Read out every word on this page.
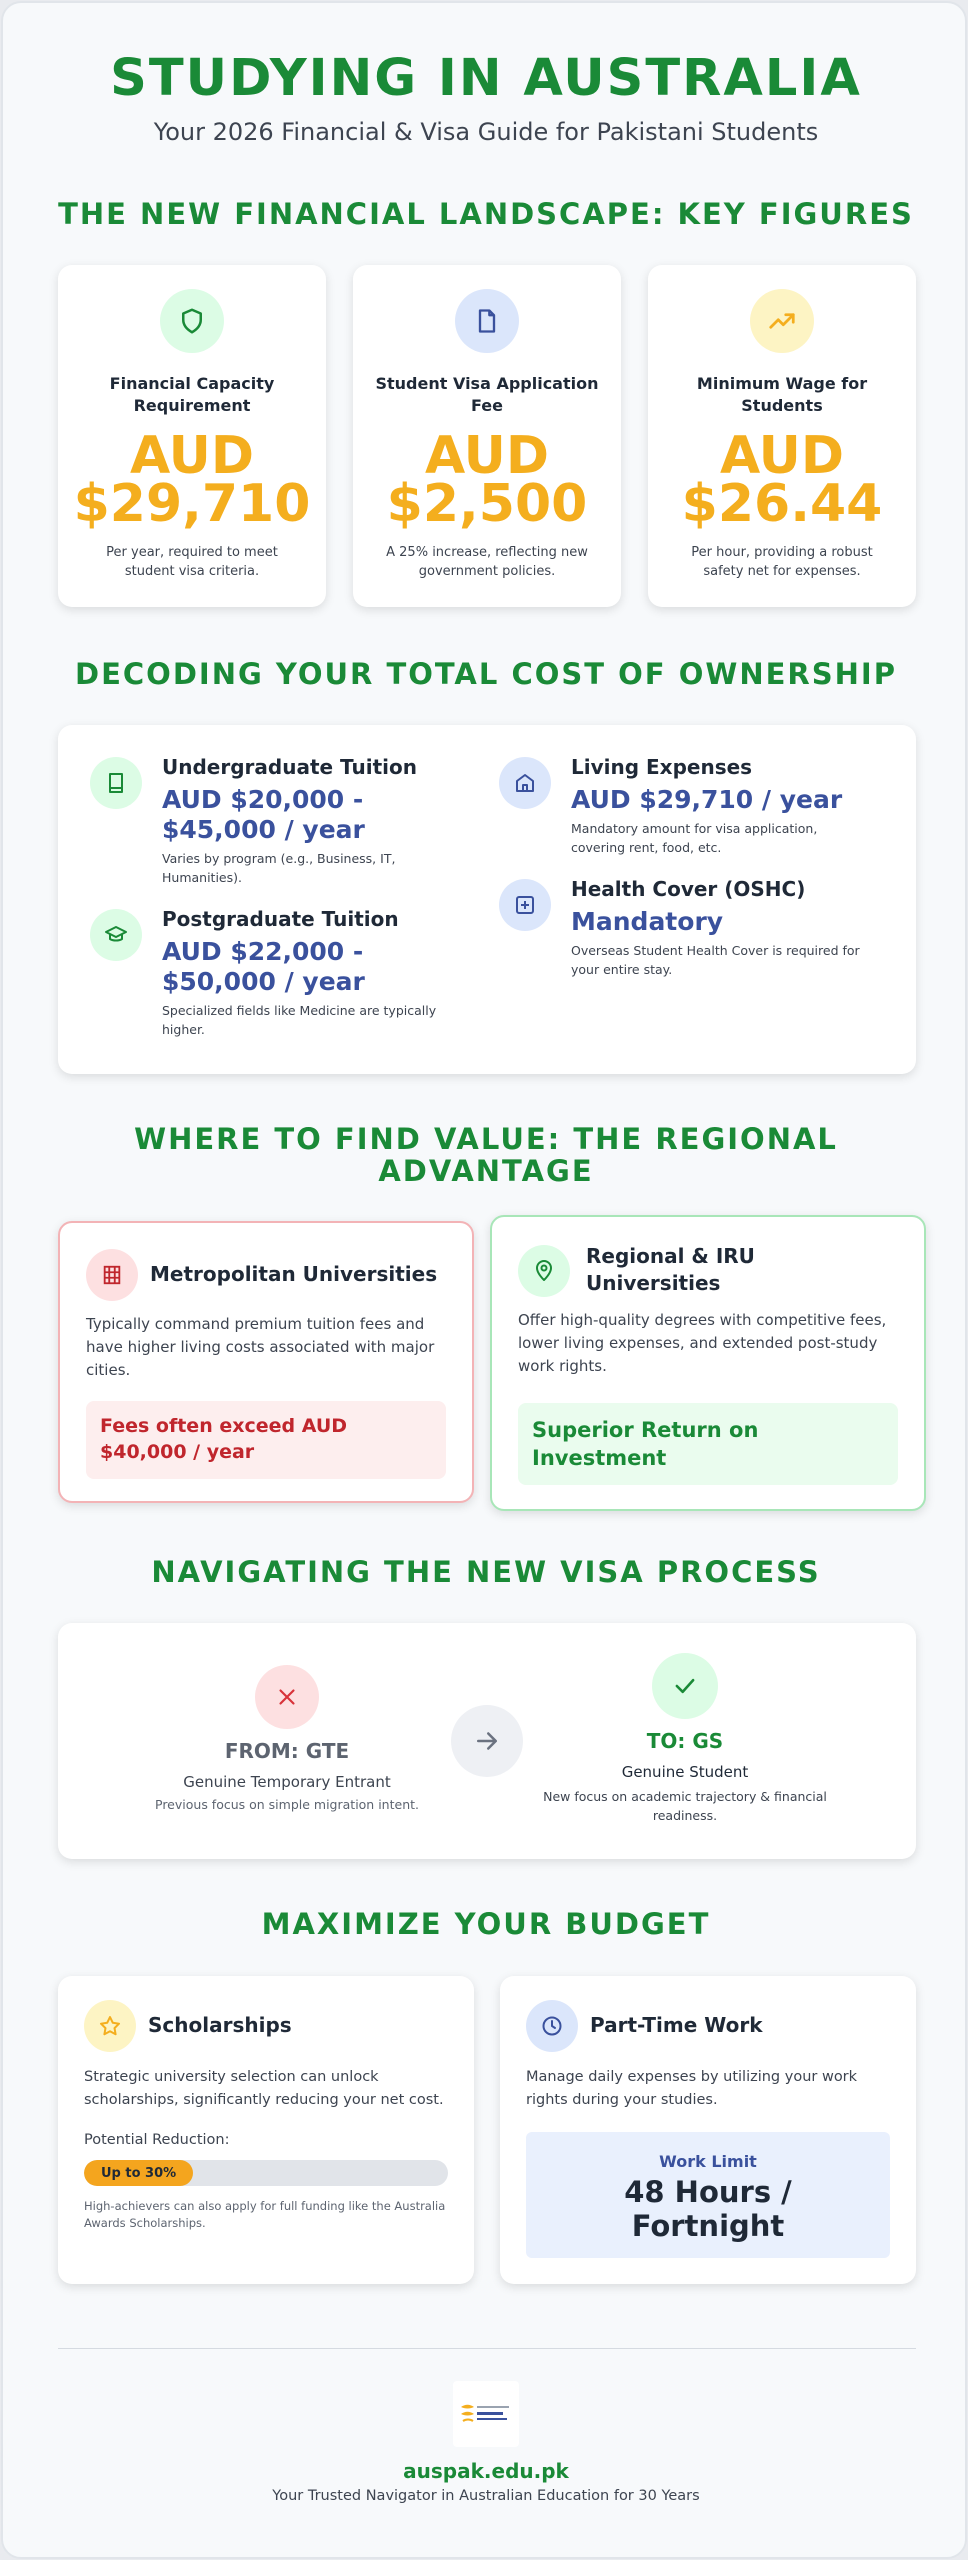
STUDYING IN AUSTRALIA
Your 2026 Financial & Visa Guide for Pakistani Students
THE NEW FINANCIAL LANDSCAPE: KEY FIGURES
Financial Capacity Requirement
AUD
$29,710
Per year, required to meet student visa criteria.
Student Visa Application Fee
AUD
$2,500
A 25% increase, reflecting new government policies.
Minimum Wage for Students
AUD
$26.44
Per hour, providing a robust safety net for expenses.
DECODING YOUR TOTAL COST OF OWNERSHIP
Undergraduate Tuition
AUD $20,000 - $45,000 / year
Varies by program (e.g., Business, IT, Humanities).
Postgraduate Tuition
AUD $22,000 - $50,000 / year
Specialized fields like Medicine are typically higher.
Living Expenses
AUD $29,710 / year
Mandatory amount for visa application, covering rent, food, etc.
Health Cover (OSHC)
Mandatory
Overseas Student Health Cover is required for your entire stay.
WHERE TO FIND VALUE: THE REGIONAL ADVANTAGE
Metropolitan Universities
Typically command premium tuition fees and have higher living costs associated with major cities.
Fees often exceed AUD $40,000 / year
Regional & IRU Universities
Offer high-quality degrees with competitive fees, lower living expenses, and extended post-study work rights.
Superior Return on Investment
NAVIGATING THE NEW VISA PROCESS
FROM: GTE
Genuine Temporary Entrant
Previous focus on simple migration intent.
TO: GS
Genuine Student
New focus on academic trajectory & financial readiness.
MAXIMIZE YOUR BUDGET
Scholarships
Strategic university selection can unlock scholarships, significantly reducing your net cost.
Potential Reduction:
Up to 30%
High-achievers can also apply for full funding like the Australia Awards Scholarships.
Part-Time Work
Manage daily expenses by utilizing your work rights during your studies.
Work Limit
48 Hours / Fortnight
auspak.edu.pk
Your Trusted Navigator in Australian Education for 30 Years
